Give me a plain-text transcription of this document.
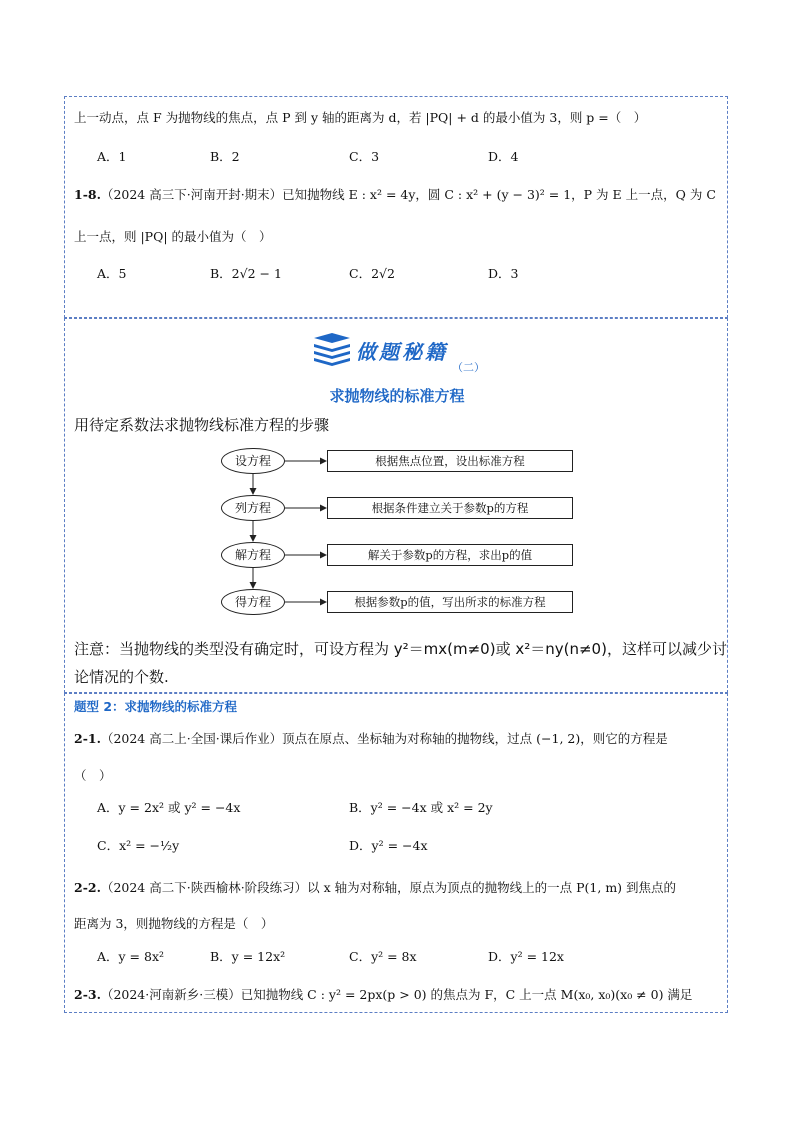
上一动点，点 F 为抛物线的焦点，点 P 到 y 轴的距离为 d，若 |PQ| + d 的最小值为 3，则 p =（　）
A．1	B．2	C．3	D．4
1-8.（2024 高三下·河南开封·期末）已知抛物线 E : x² = 4y，圆 C : x² + (y − 3)² = 1，P 为 E 上一点，Q 为 C
上一点，则 |PQ| 的最小值为（　）
A．5	B．2√2 − 1	C．2√2	D．3
做题秘籍
（二）
求抛物线的标准方程
用待定系数法求抛物线标准方程的步骤
设方程
列方程
解方程
得方程
根据焦点位置，设出标准方程
根据条件建立关于参数p的方程
解关于参数p的方程，求出p的值
根据参数p的值，写出所求的标准方程
注意：当抛物线的类型没有确定时，可设方程为 y²＝mx(m≠0)或 x²＝ny(n≠0)，这样可以减少讨
论情况的个数.
题型 2：求抛物线的标准方程
2-1.（2024 高二上·全国·课后作业）顶点在原点、坐标轴为对称轴的抛物线，过点 (−1, 2)，则它的方程是
（　）
A．y = 2x² 或 y² = −4x	B．y² = −4x 或 x² = 2y
C．x² = −½y	D．y² = −4x
2-2.（2024 高二下·陕西榆林·阶段练习）以 x 轴为对称轴，原点为顶点的抛物线上的一点 P(1, m) 到焦点的
距离为 3，则抛物线的方程是（　）
A．y = 8x²	B．y = 12x²	C．y² = 8x	D．y² = 12x
2-3.（2024·河南新乡·三模）已知抛物线 C : y² = 2px(p > 0) 的焦点为 F，C 上一点 M(x₀, x₀)(x₀ ≠ 0) 满足
